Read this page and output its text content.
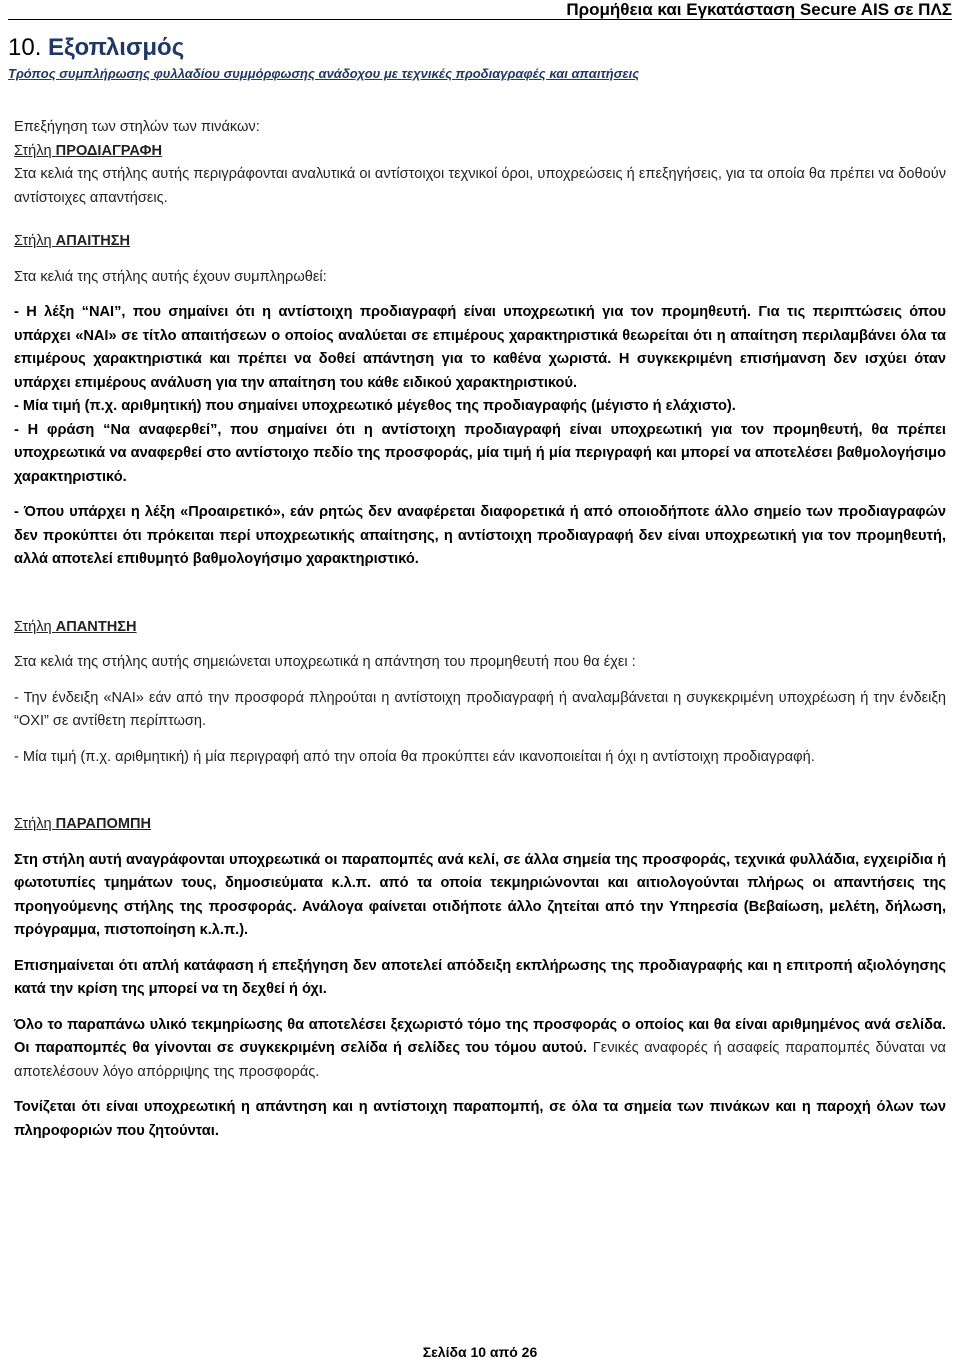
Προμήθεια και Εγκατάσταση Secure AIS σε ΠΛΣ
10. Εξοπλισμός
Τρόπος συμπλήρωσης φυλλαδίου συμμόρφωσης ανάδοχου με τεχνικές προδιαγραφές και απαιτήσεις

Επεξήγηση των στηλών των πινάκων:

Στήλη ΠΡΟΔΙΑΓΡΑΦΗ

Στα κελιά της στήλης αυτής περιγράφονται αναλυτικά οι αντίστοιχοι τεχνικοί όροι, υποχρεώσεις ή επεξηγήσεις, για τα οποία θα πρέπει να δοθούν αντίστοιχες απαντήσεις.

Στήλη ΑΠΑΙΤΗΣΗ

Στα κελιά της στήλης αυτής έχουν συμπληρωθεί:

- Η λέξη “ΝΑΙ”, που σημαίνει ότι η αντίστοιχη προδιαγραφή είναι υποχρεωτική για τον προμηθευτή. Για τις περιπτώσεις όπου υπάρχει «ΝΑΙ» σε τίτλο απαιτήσεων ο οποίος αναλύεται σε επιμέρους χαρακτηριστικά θεωρείται ότι η απαίτηση περιλαμβάνει όλα τα επιμέρους χαρακτηριστικά και πρέπει να δοθεί απάντηση για το καθένα χωριστά. Η συγκεκριμένη επισήμανση δεν ισχύει όταν υπάρχει επιμέρους ανάλυση για την απαίτηση του κάθε ειδικού χαρακτηριστικού.

- Μία τιμή (π.χ. αριθμητική) που σημαίνει υποχρεωτικό μέγεθος της προδιαγραφής (μέγιστο ή ελάχιστο).

- Η φράση “Να αναφερθεί”, που σημαίνει ότι η αντίστοιχη προδιαγραφή είναι υποχρεωτική για τον προμηθευτή, θα πρέπει υποχρεωτικά να αναφερθεί στο αντίστοιχο πεδίο της προσφοράς, μία τιμή ή μία περιγραφή και μπορεί να αποτελέσει βαθμολογήσιμο χαρακτηριστικό.

- Όπου υπάρχει η λέξη «Προαιρετικό», εάν ρητώς δεν αναφέρεται διαφορετικά ή από οποιοδήποτε άλλο σημείο των προδιαγραφών δεν προκύπτει ότι πρόκειται περί υποχρεωτικής απαίτησης, η αντίστοιχη προδιαγραφή δεν είναι υποχρεωτική για τον προμηθευτή, αλλά αποτελεί επιθυμητό βαθμολογήσιμο χαρακτηριστικό.

Στήλη ΑΠΑΝΤΗΣΗ

Στα κελιά της στήλης αυτής σημειώνεται υποχρεωτικά η απάντηση του προμηθευτή που θα έχει :

- Την ένδειξη «ΝΑΙ» εάν από την προσφορά πληρούται η αντίστοιχη προδιαγραφή ή αναλαμβάνεται η συγκεκριμένη υποχρέωση ή την ένδειξη “ΟΧΙ” σε αντίθετη περίπτωση.

- Μία τιμή (π.χ. αριθμητική) ή μία περιγραφή από την οποία θα προκύπτει εάν ικανοποιείται ή όχι η αντίστοιχη προδιαγραφή.

Στήλη ΠΑΡΑΠΟΜΠΗ

Στη στήλη αυτή αναγράφονται υποχρεωτικά οι παραπομπές ανά κελί, σε άλλα σημεία της προσφοράς, τεχνικά φυλλάδια, εγχειρίδια ή φωτοτυπίες τμημάτων τους, δημοσιεύματα κ.λ.π. από τα οποία τεκμηριώνονται και αιτιολογούνται πλήρως οι απαντήσεις της προηγούμενης στήλης της προσφοράς. Ανάλογα φαίνεται οτιδήποτε άλλο ζητείται από την Υπηρεσία (Βεβαίωση, μελέτη, δήλωση, πρόγραμμα, πιστοποίηση κ.λ.π.).

Επισημαίνεται ότι απλή κατάφαση ή επεξήγηση δεν αποτελεί απόδειξη εκπλήρωσης της προδιαγραφής και η επιτροπή αξιολόγησης κατά την κρίση της μπορεί να τη δεχθεί ή όχι.

Όλο το παραπάνω υλικό τεκμηρίωσης θα αποτελέσει ξεχωριστό τόμο της προσφοράς ο οποίος και θα είναι αριθμημένος ανά σελίδα. Οι παραπομπές θα γίνονται σε συγκεκριμένη σελίδα ή σελίδες του τόμου αυτού. Γενικές αναφορές ή ασαφείς παραπομπές δύναται να αποτελέσουν λόγο απόρριψης της προσφοράς.

Τονίζεται ότι είναι υποχρεωτική η απάντηση και η αντίστοιχη παραπομπή, σε όλα τα σημεία των πινάκων και η παροχή όλων των πληροφοριών που ζητούνται.

Σελίδα 10 από 26
